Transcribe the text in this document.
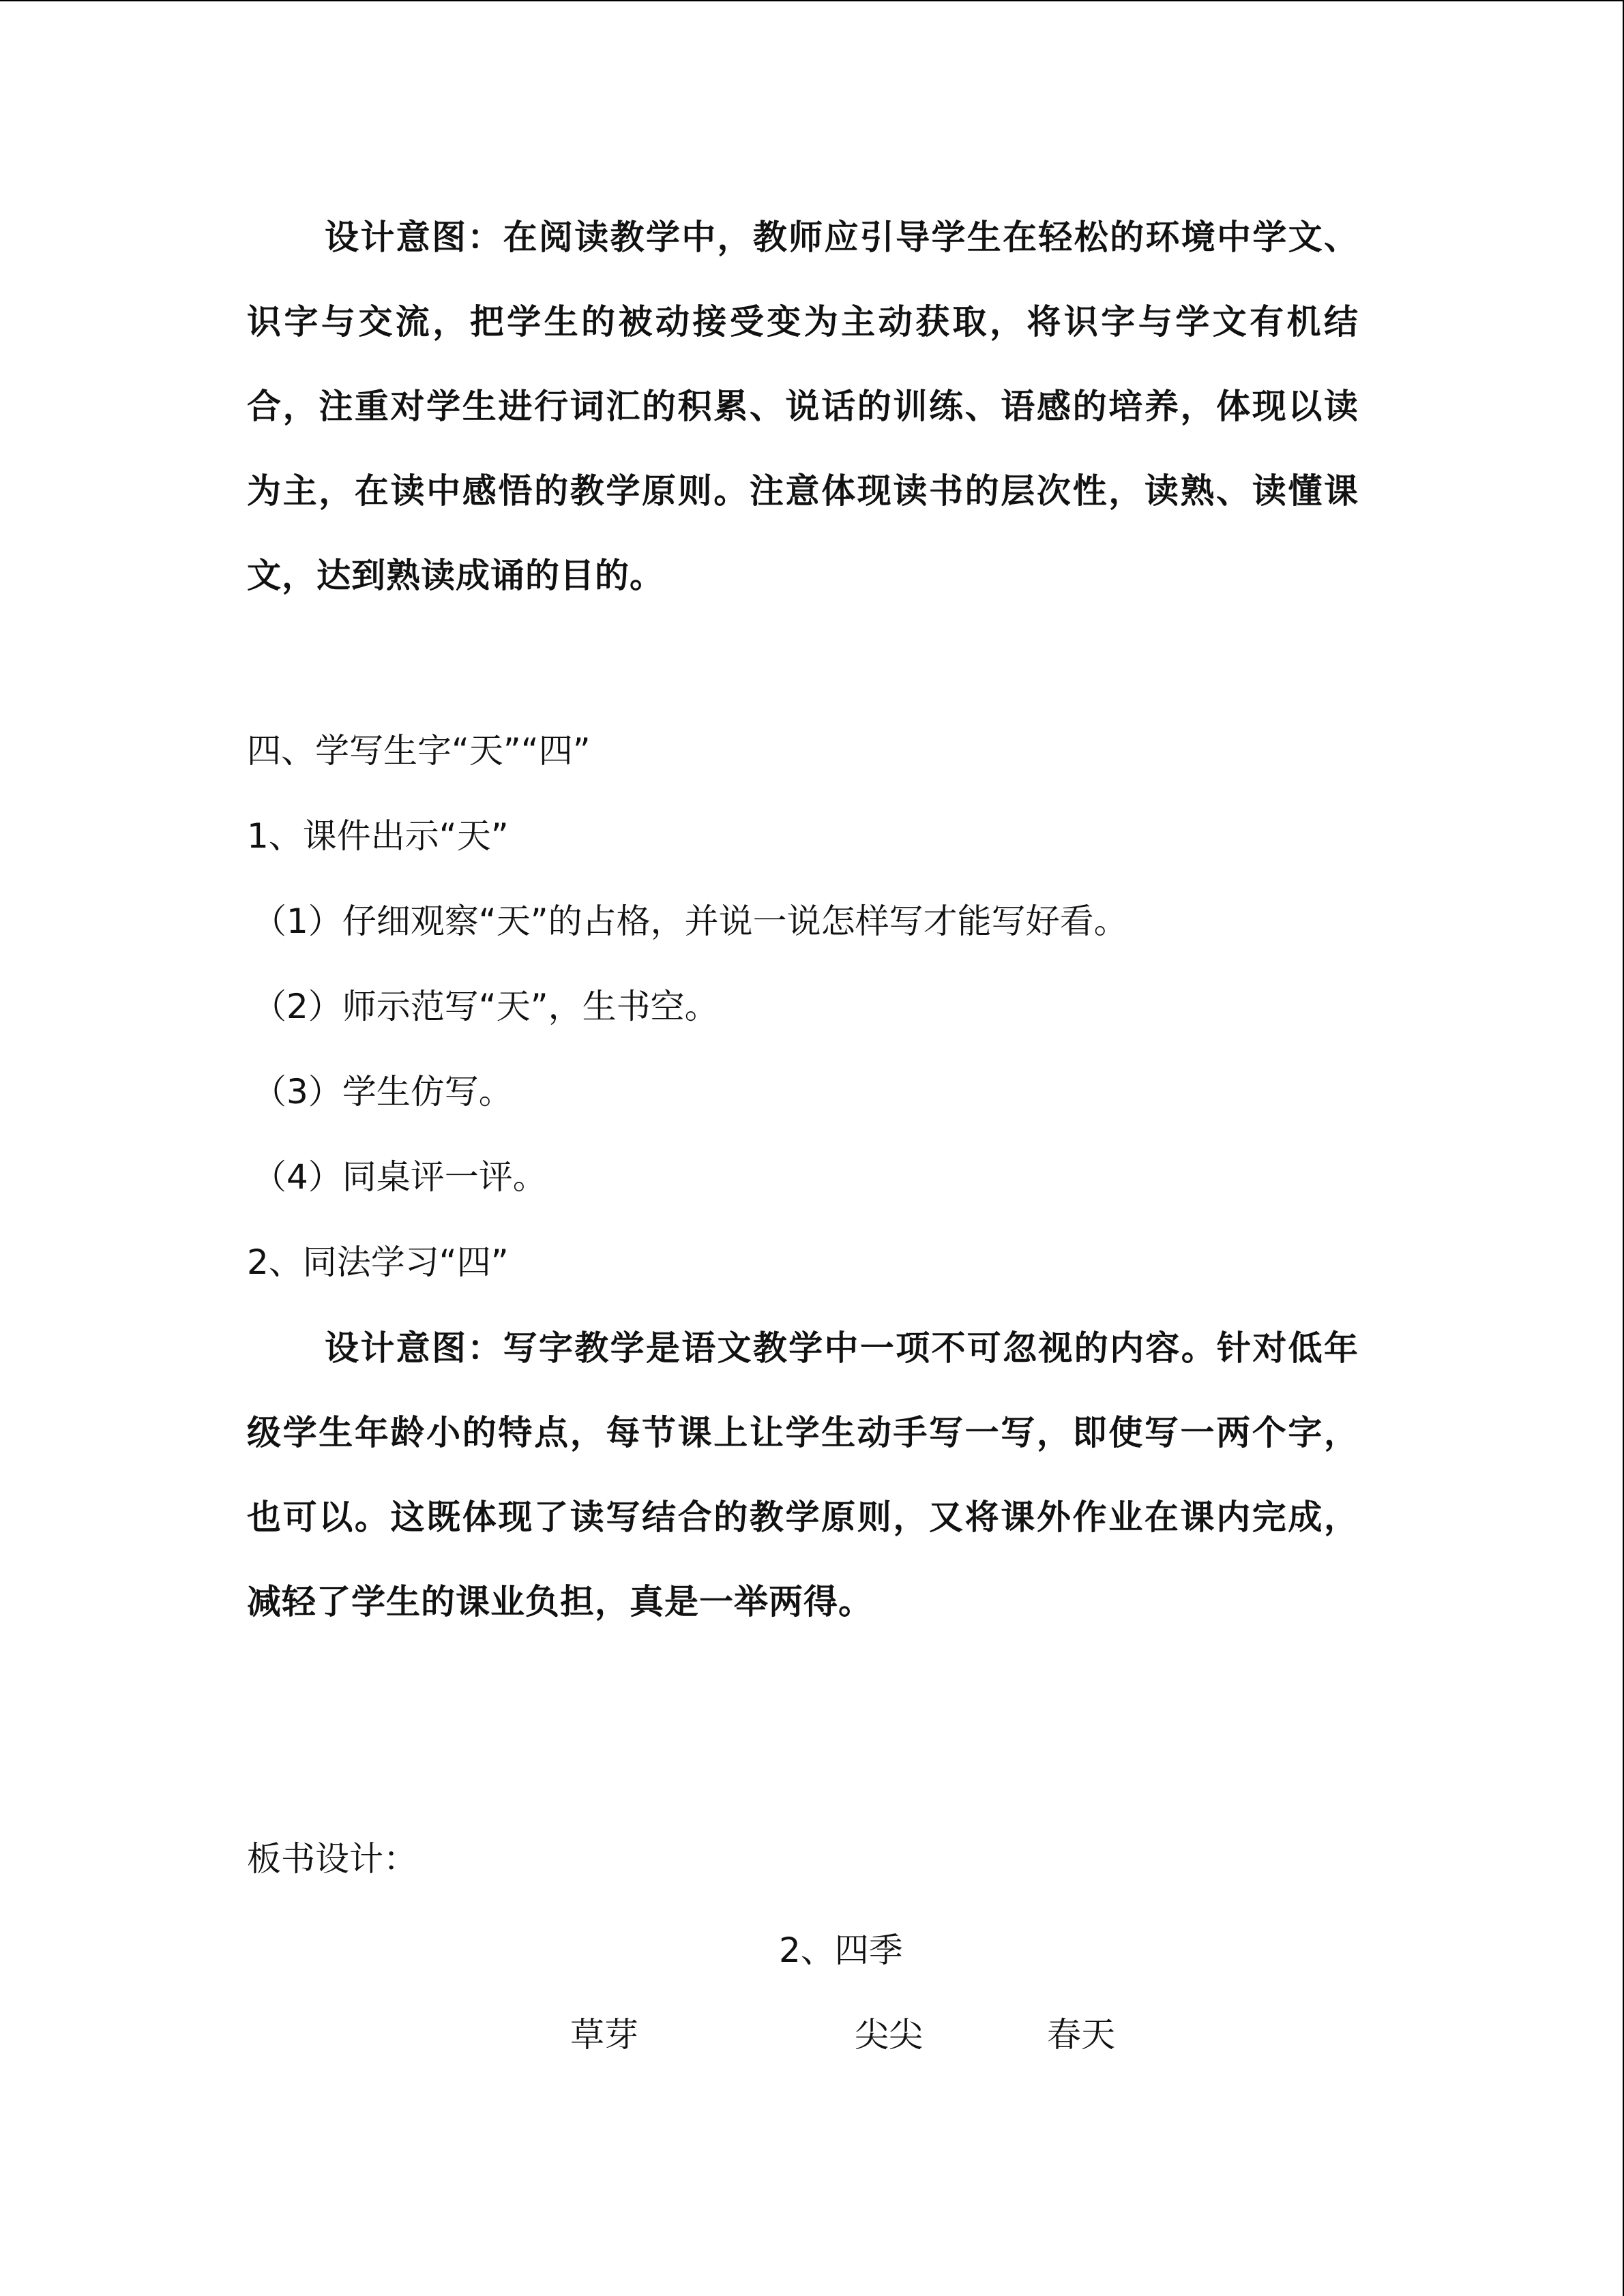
设计意图：在阅读教学中，教师应引导学生在轻松的环境中学文、识字与交流，把学生的被动接受变为主动获取，将识字与学文有机结合，注重对学生进行词汇的积累、说话的训练、语感的培养，体现以读为主，在读中感悟的教学原则。注意体现读书的层次性，读熟、读懂课文，达到熟读成诵的目的。
四、学写生字“天”“四”
1、课件出示“天”
（1）仔细观察“天”的占格，并说一说怎样写才能写好看。
（2）师示范写“天”，生书空。
（3）学生仿写。
（4）同桌评一评。
2、同法学习“四”
设计意图：写字教学是语文教学中一项不可忽视的内容。针对低年级学生年龄小的特点，每节课上让学生动手写一写，即使写一两个字，也可以。这既体现了读写结合的教学原则，又将课外作业在课内完成，减轻了学生的课业负担，真是一举两得。
板书设计：
2、四季
草芽	尖尖	春天
